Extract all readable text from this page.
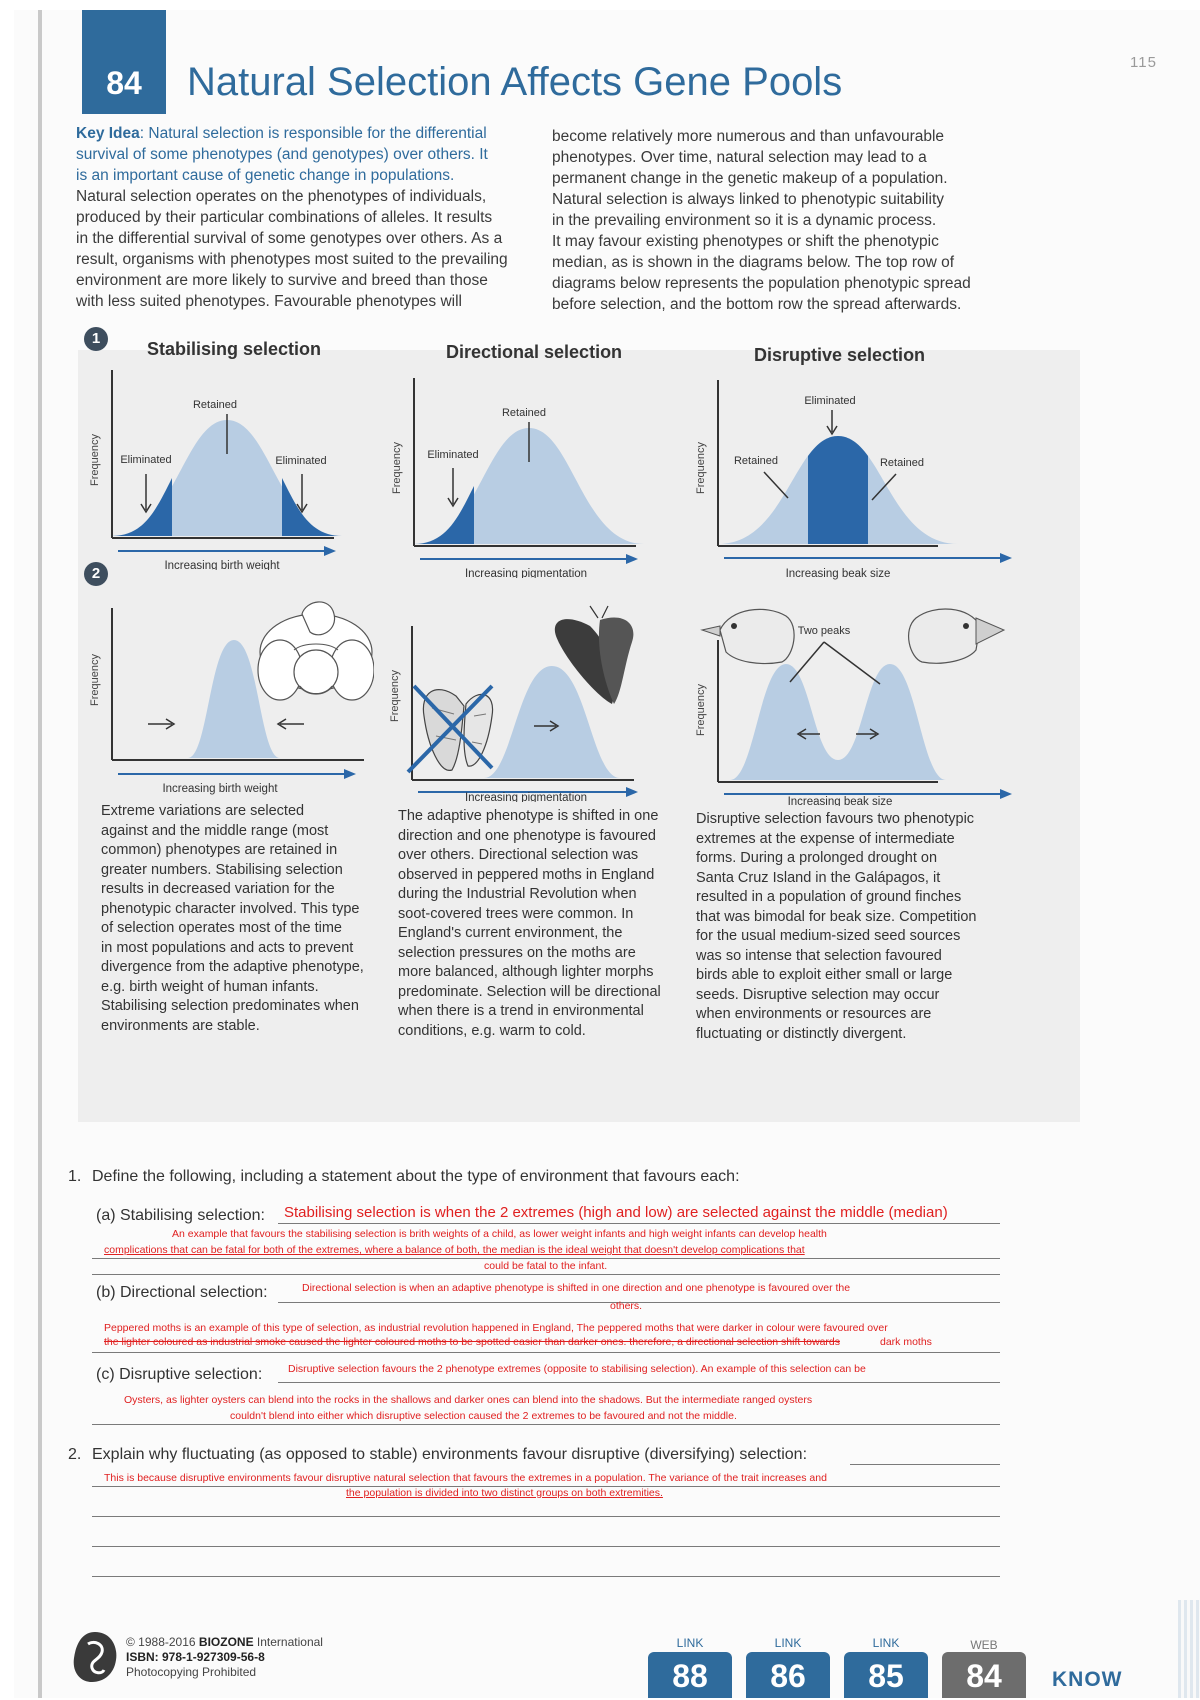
115
84	Natural Selection Affects Gene Pools
Key Idea: Natural selection is responsible for the differential
survival of some phenotypes (and genotypes) over others. It
is an important cause of genetic change in populations.
Natural selection operates on the phenotypes of individuals,
produced by their particular combinations of alleles. It results
in the differential survival of some genotypes over others. As a
result, organisms with phenotypes most suited to the prevailing
environment are more likely to survive and breed than those
with less suited phenotypes. Favourable phenotypes will
become relatively more numerous and than unfavourable
phenotypes. Over time, natural selection may lead to a
permanent change in the genetic makeup of a population.
Natural selection is always linked to phenotypic suitability
in the prevailing environment so it is a dynamic process.
It may favour existing phenotypes or shift the phenotypic
median, as is shown in the diagrams below. The top row of
diagrams below represents the population phenotypic spread
before selection, and the bottom row the spread afterwards.
1
2
Stabilising selection	Directional selection	Disruptive selection
Frequency
Retained
Eliminated	Eliminated
Increasing birth weight
Frequency
Retained
Eliminated
Increasing pigmentation
Frequency
Eliminated
Retained	Retained
Increasing beak size
Frequency
Increasing birth weight
Frequency
Increasing pigmentation
Frequency
Two peaks
Increasing beak size
Extreme variations are selected
against and the middle range (most
common) phenotypes are retained in
greater numbers. Stabilising selection
results in decreased variation for the
phenotypic character involved. This type
of selection operates most of the time
in most populations and acts to prevent
divergence from the adaptive phenotype,
e.g. birth weight of human infants.
Stabilising selection predominates when
environments are stable.
The adaptive phenotype is shifted in one
direction and one phenotype is favoured
over others. Directional selection was
observed in peppered moths in England
during the Industrial Revolution when
soot-covered trees were common. In
England's current environment, the
selection pressures on the moths are
more balanced, although lighter morphs
predominate. Selection will be directional
when there is a trend in environmental
conditions, e.g. warm to cold.
Disruptive selection favours two phenotypic
extremes at the expense of intermediate
forms. During a prolonged drought on
Santa Cruz Island in the Galápagos, it
resulted in a population of ground finches
that was bimodal for beak size. Competition
for the usual medium-sized seed sources
was so intense that selection favoured
birds able to exploit either small or large
seeds. Disruptive selection may occur
when environments or resources are
fluctuating or distinctly divergent.
1. Define the following, including a statement about the type of environment that favours each:
(a) Stabilising selection: Stabilising selection is when the 2 extremes (high and low) are selected against the middle (median)
An example that favours the stabilising selection is brith weights of a child, as lower weight infants and high weight infants can develop health
complications that can be fatal for both of the extremes, where a balance of both, the median is the ideal weight that doesn't develop complications that
could be fatal to the infant.
(b) Directional selection:	Directional selection is when an adaptive phenotype is shifted in one direction and one phenotype is favoured over the
others.
Peppered moths is an example of this type of selection, as industrial revolution happened in England, The peppered moths that were darker in colour were favoured over
the lighter coloured as industrial smoke caused the lighter coloured moths to be spotted easier than darker ones. therefore, a directional selection shift towards	dark moths
(c) Disruptive selection: Disruptive selection favours the 2 phenotype extremes (opposite to stabilising selection). An example of this selection can be
Oysters, as lighter oysters can blend into the rocks in the shallows and darker ones can blend into the shadows. But the intermediate ranged oysters
couldn't blend into either which disruptive selection caused the 2 extremes to be favoured and not the middle.
2. Explain why fluctuating (as opposed to stable) environments favour disruptive (diversifying) selection:
This is because disruptive environments favour disruptive natural selection that favours the extremes in a population. The variance of the trait increases and
the population is divided into two distinct groups on both extremities.
© 1988-2016 BIOZONE International
ISBN: 978-1-927309-56-8
Photocopying Prohibited
LINK
88
LINK
86
LINK
85
WEB
84	KNOW
